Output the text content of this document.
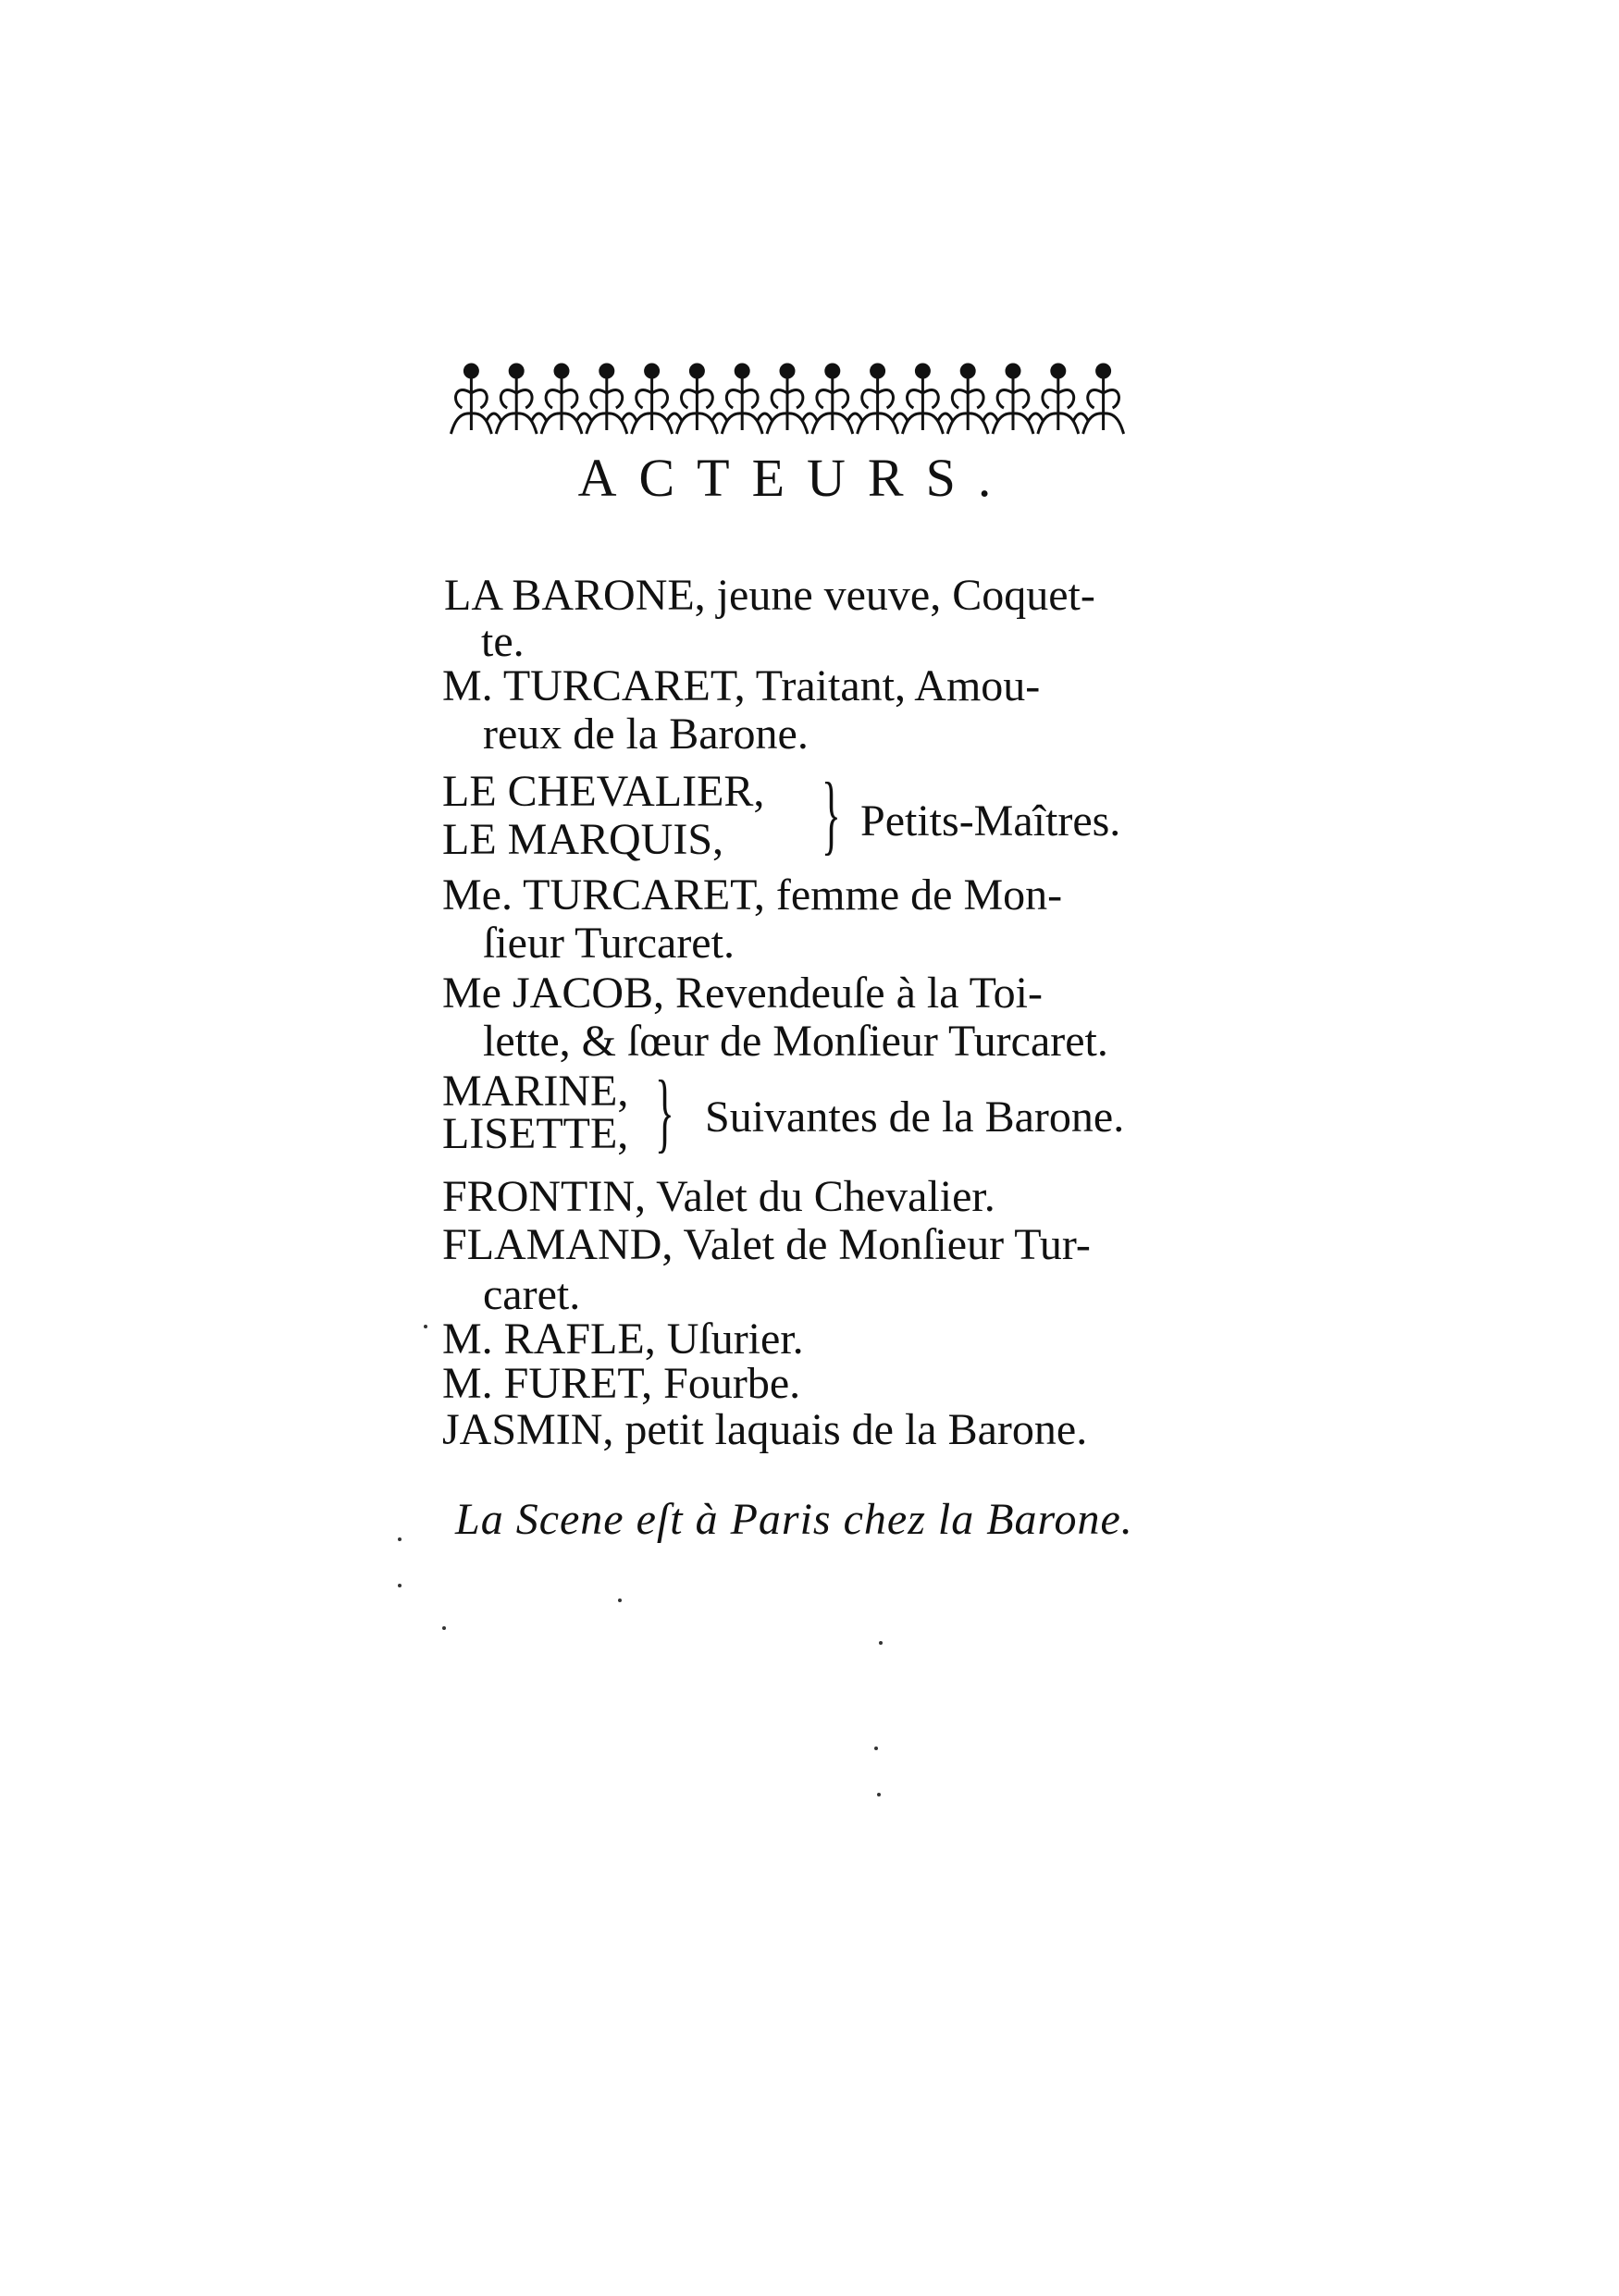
ACTEURS.
LA BARONE, jeune veuve, Coquet-
te.
M. TURCARET, Traitant, Amou-
reux de la Barone.
LE CHEVALIER,
LE MARQUIS, } Petits-Maîtres.
Me. TURCARET, femme de Mon-
ſieur Turcaret.
Me JACOB, Revendeuſe à la Toi-
lette, & ſœur de Monſieur Turcaret.
MARINE,
LISETTE, } Suivantes de la Barone.
FRONTIN, Valet du Chevalier.
FLAMAND, Valet de Monſieur Tur-
caret.
M. RAFLE, Uſurier.
M. FURET, Fourbe.
JASMIN, petit laquais de la Barone.
La Scene eſt à Paris chez la Barone.
